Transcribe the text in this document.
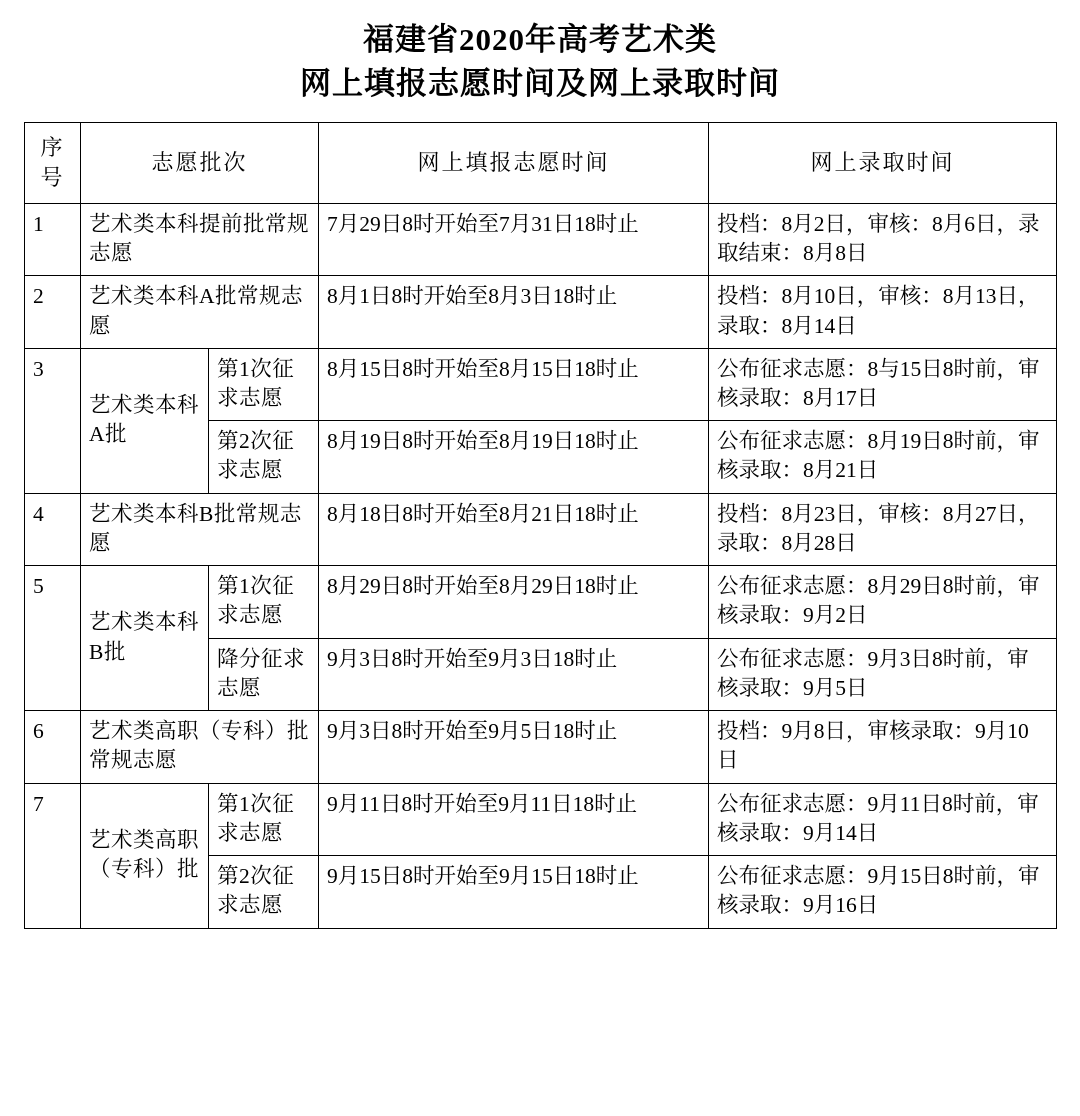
福建省2020年高考艺术类
网上填报志愿时间及网上录取时间
序号	志愿批次		网上填报志愿时间	网上录取时间
1	艺术类本科提前批常规志愿		7月29日8时开始至7月31日18时止	投档：8月2日，审核：8月6日，录取结束：8月8日
2	艺术类本科A批常规志愿		8月1日8时开始至8月3日18时止	投档：8月10日，审核：8月13日，录取：8月14日
3	艺术类本科A批	第1次征求志愿	8月15日8时开始至8月15日18时止	公布征求志愿：8与15日8时前，审核录取：8月17日
		第2次征求志愿	8月19日8时开始至8月19日18时止	公布征求志愿：8月19日8时前，审核录取：8月21日
4	艺术类本科B批常规志愿		8月18日8时开始至8月21日18时止	投档：8月23日，审核：8月27日，录取：8月28日
5	艺术类本科B批	第1次征求志愿	8月29日8时开始至8月29日18时止	公布征求志愿：8月29日8时前，审核录取：9月2日
		降分征求志愿	9月3日8时开始至9月3日18时止	公布征求志愿：9月3日8时前，审核录取：9月5日
6	艺术类高职（专科）批常规志愿		9月3日8时开始至9月5日18时止	投档：9月8日，审核录取：9月10日
7	艺术类高职（专科）批	第1次征求志愿	9月11日8时开始至9月11日18时止	公布征求志愿：9月11日8时前，审核录取：9月14日
		第2次征求志愿	9月15日8时开始至9月15日18时止	公布征求志愿：9月15日8时前，审核录取：9月16日
